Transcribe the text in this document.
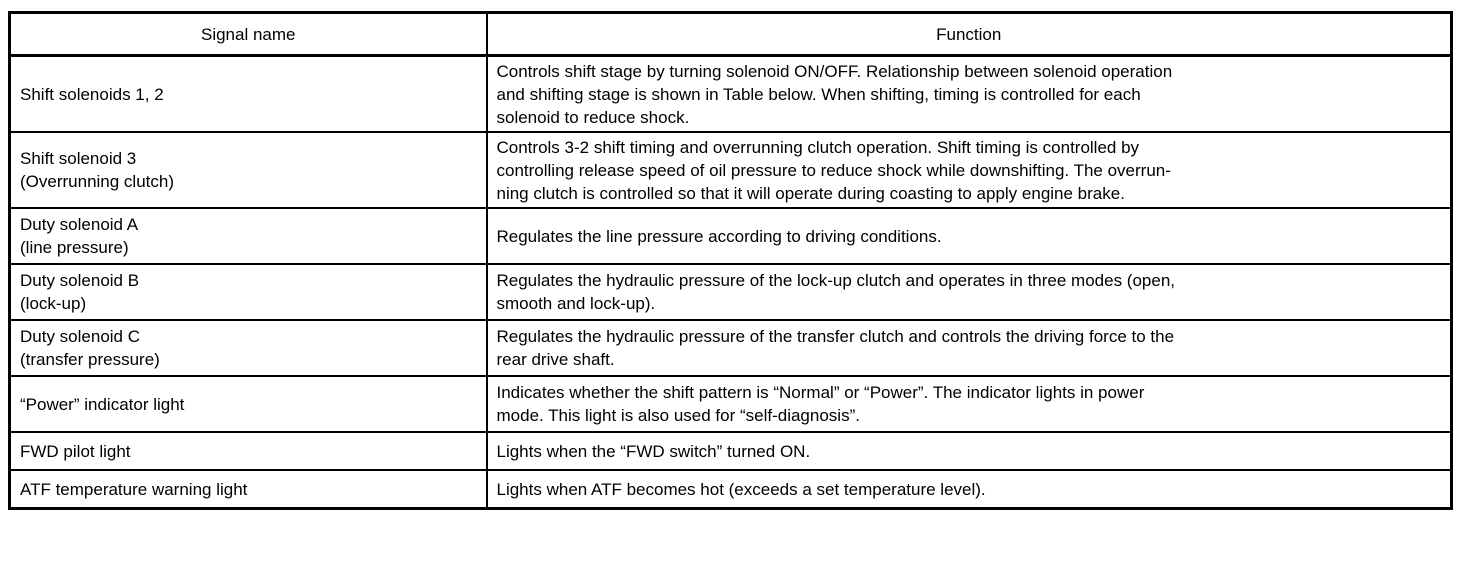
Signal name	Function
Shift solenoids 1, 2	Controls shift stage by turning solenoid ON/OFF. Relationship between solenoid operation
and shifting stage is shown in Table below. When shifting, timing is controlled for each
solenoid to reduce shock.
Shift solenoid 3
(Overrunning clutch)	Controls 3-2 shift timing and overrunning clutch operation. Shift timing is controlled by
controlling release speed of oil pressure to reduce shock while downshifting. The overrun-
ning clutch is controlled so that it will operate during coasting to apply engine brake.
Duty solenoid A
(line pressure)	Regulates the line pressure according to driving conditions.
Duty solenoid B
(lock-up)	Regulates the hydraulic pressure of the lock-up clutch and operates in three modes (open,
smooth and lock-up).
Duty solenoid C
(transfer pressure)	Regulates the hydraulic pressure of the transfer clutch and controls the driving force to the
rear drive shaft.
“Power” indicator light	Indicates whether the shift pattern is “Normal” or “Power”. The indicator lights in power
mode. This light is also used for “self-diagnosis”.
FWD pilot light	Lights when the “FWD switch” turned ON.
ATF temperature warning light	Lights when ATF becomes hot (exceeds a set temperature level).
